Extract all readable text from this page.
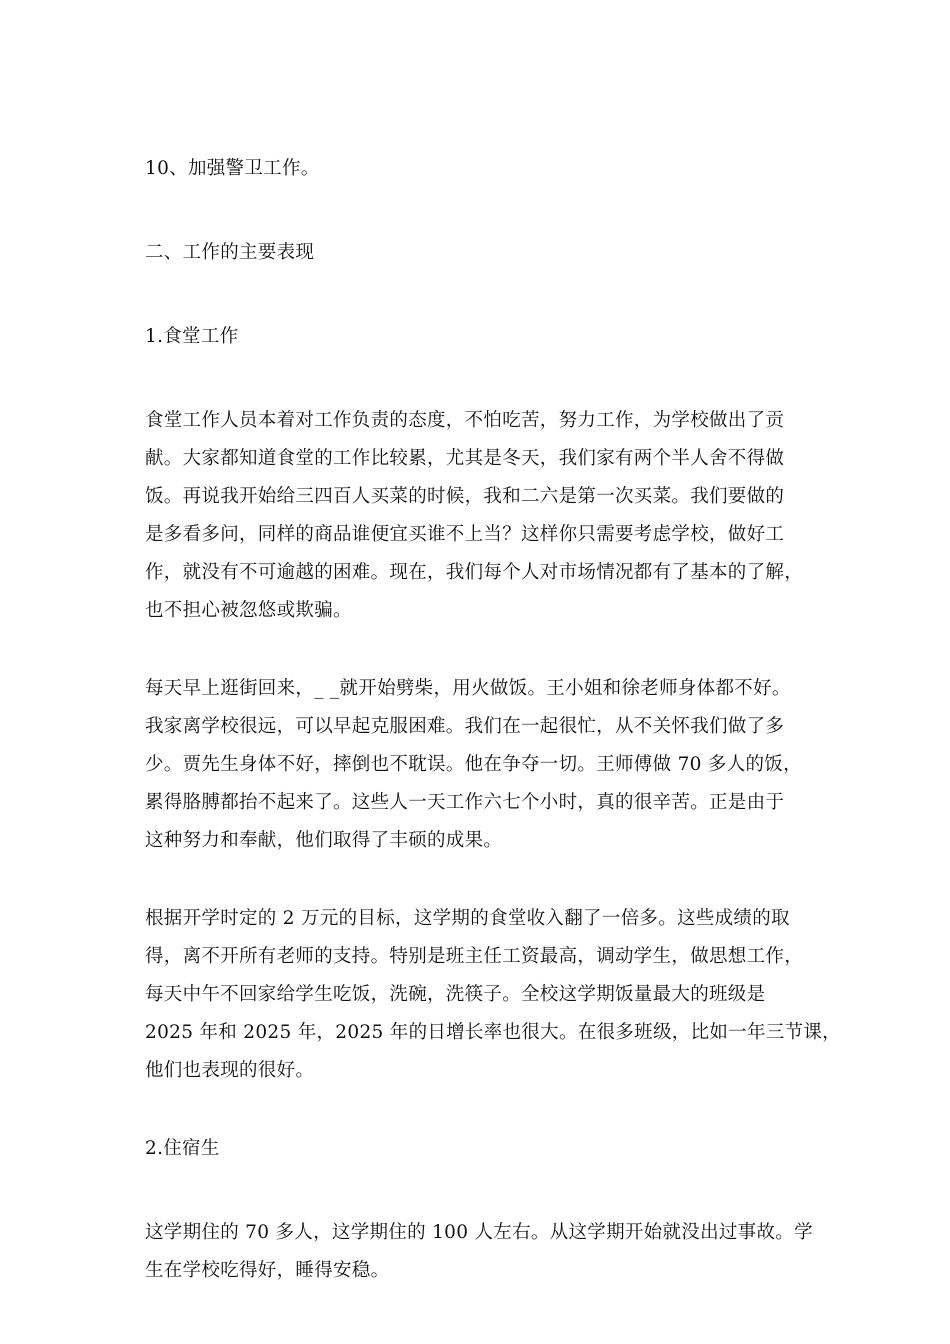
10、加强警卫工作。

二、工作的主要表现

1.食堂工作

食堂工作人员本着对工作负责的态度，不怕吃苦，努力工作，为学校做出了贡
献。大家都知道食堂的工作比较累，尤其是冬天，我们家有两个半人舍不得做
饭。再说我开始给三四百人买菜的时候，我和二六是第一次买菜。我们要做的
是多看多问，同样的商品谁便宜买谁不上当？这样你只需要考虑学校，做好工
作，就没有不可逾越的困难。现在，我们每个人对市场情况都有了基本的了解，
也不担心被忽悠或欺骗。

每天早上逛街回来，_ _就开始劈柴，用火做饭。王小姐和徐老师身体都不好。
我家离学校很远，可以早起克服困难。我们在一起很忙，从不关怀我们做了多
少。贾先生身体不好，摔倒也不耽误。他在争夺一切。王师傅做 70 多人的饭，
累得胳膊都抬不起来了。这些人一天工作六七个小时，真的很辛苦。正是由于
这种努力和奉献，他们取得了丰硕的成果。

根据开学时定的 2 万元的目标，这学期的食堂收入翻了一倍多。这些成绩的取
得，离不开所有老师的支持。特别是班主任工资最高，调动学生，做思想工作，
每天中午不回家给学生吃饭，洗碗，洗筷子。全校这学期饭量最大的班级是
2025 年和 2025 年，2025 年的日增长率也很大。在很多班级，比如一年三节课，
他们也表现的很好。

2.住宿生

这学期住的 70 多人，这学期住的 100 人左右。从这学期开始就没出过事故。学
生在学校吃得好，睡得安稳。
